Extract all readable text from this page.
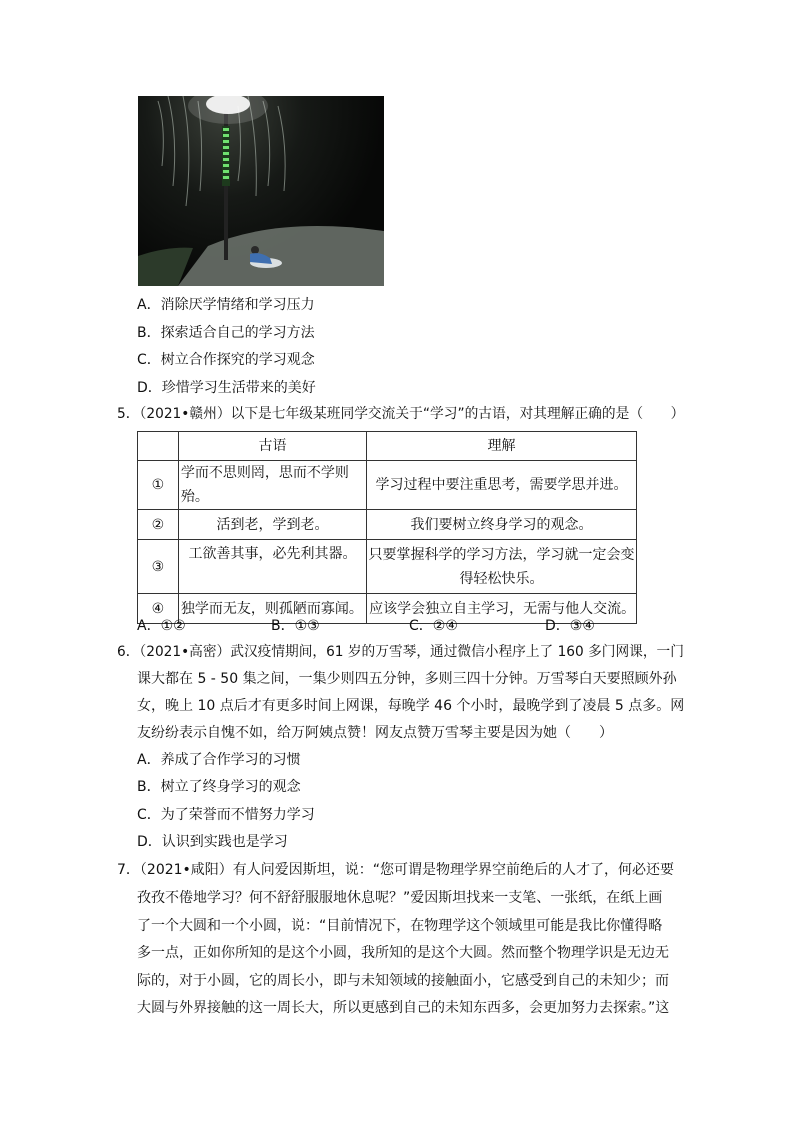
A．消除厌学情绪和学习压力
B．探索适合自己的学习方法
C．树立合作探究的学习观念
D．珍惜学习生活带来的美好
5．（2021•赣州）以下是七年级某班同学交流关于“学习”的古语，对其理解正确的是（　　）
	古语	理解
①	学而不思则罔，思而不学则殆。	学习过程中要注重思考，需要学思并进。
②	活到老，学到老。	我们要树立终身学习的观念。
③	工欲善其事，必先利其器。	只要掌握科学的学习方法，学习就一定会变
得轻松快乐。

④	独学而无友，则孤陋而寡闻。	应该学会独立自主学习，无需与他人交流。
A．①②	B．①③	C．②④	D．③④
6．（2021•高密）武汉疫情期间，61 岁的万雪琴，通过微信小程序上了 160 多门网课，一门
课大都在 5 - 50 集之间，一集少则四五分钟，多则三四十分钟。万雪琴白天要照顾外孙
女，晚上 10 点后才有更多时间上网课，每晚学 46 个小时，最晚学到了凌晨 5 点多。网
友纷纷表示自愧不如，给万阿姨点赞！网友点赞万雪琴主要是因为她（　　）
A．养成了合作学习的习惯
B．树立了终身学习的观念
C．为了荣誉而不惜努力学习
D．认识到实践也是学习
7．（2021•咸阳）有人问爱因斯坦，说：“您可谓是物理学界空前绝后的人才了，何必还要
孜孜不倦地学习？何不舒舒服服地休息呢？”爱因斯坦找来一支笔、一张纸，在纸上画
了一个大圆和一个小圆，说：“目前情况下，在物理学这个领域里可能是我比你懂得略
多一点，正如你所知的是这个小圆，我所知的是这个大圆。然而整个物理学识是无边无
际的，对于小圆，它的周长小，即与未知领域的接触面小，它感受到自己的未知少；而
大圆与外界接触的这一周长大，所以更感到自己的未知东西多，会更加努力去探索。”这
